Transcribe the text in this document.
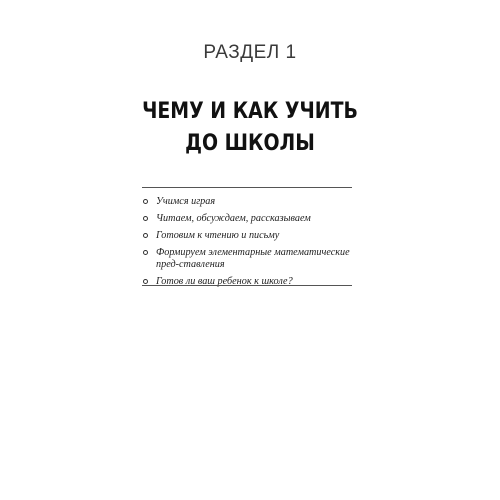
РАЗДЕЛ 1
ЧЕМУ И КАК УЧИТЬ
ДО ШКОЛЫ
Учимся играя
Читаем, обсуждаем, рассказываем
Готовим к чтению и письму
Формируем элементарные математические пред-ставления
Готов ли ваш ребенок к школе?
